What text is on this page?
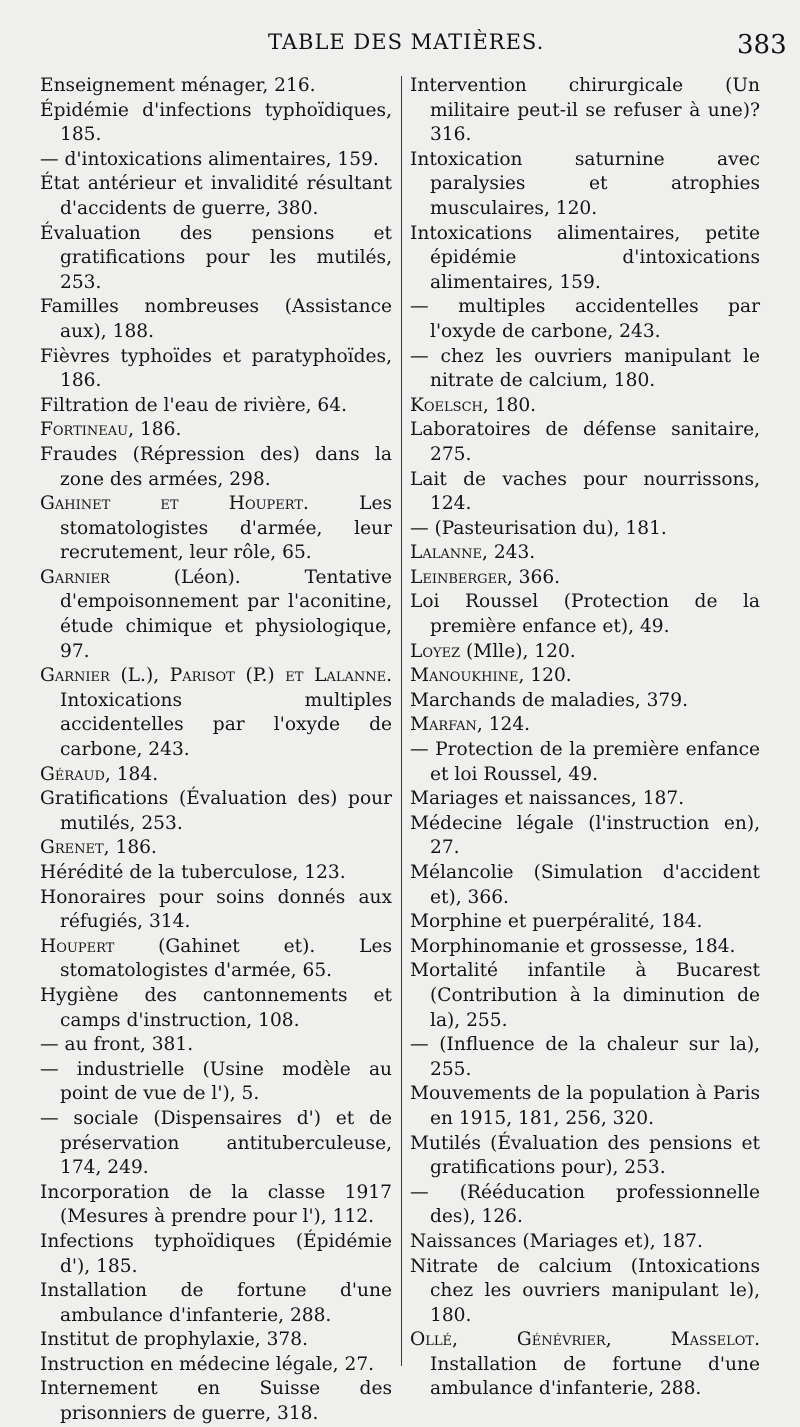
TABLE DES MATIÈRES.	383
Enseignement ménager, 216.
Épidémie d'infections typhoïdiques, 185.
— d'intoxications alimentaires, 159.
État antérieur et invalidité résultant d'accidents de guerre, 380.
Évaluation des pensions et gratifications pour les mutilés, 253.
Familles nombreuses (Assistance aux), 188.
Fièvres typhoïdes et paratyphoïdes, 186.
Filtration de l'eau de rivière, 64.
Fortineau, 186.
Fraudes (Répression des) dans la zone des armées, 298.
Gahinet et Houpert. Les stomatologistes d'armée, leur recrutement, leur rôle, 65.
Garnier (Léon). Tentative d'empoisonnement par l'aconitine, étude chimique et physiologique, 97.
Garnier (L.), Parisot (P.) et Lalanne. Intoxications multiples accidentelles par l'oxyde de carbone, 243.
Géraud, 184.
Gratifications (Évaluation des) pour mutilés, 253.
Grenet, 186.
Hérédité de la tuberculose, 123.
Honoraires pour soins donnés aux réfugiés, 314.
Houpert (Gahinet et). Les stomatologistes d'armée, 65.
Hygiène des cantonnements et camps d'instruction, 108.
— au front, 381.
— industrielle (Usine modèle au point de vue de l'), 5.
— sociale (Dispensaires d') et de préservation antituberculeuse, 174, 249.
Incorporation de la classe 1917 (Mesures à prendre pour l'), 112.
Infections typhoïdiques (Épidémie d'), 185.
Installation de fortune d'une ambulance d'infanterie, 288.
Institut de prophylaxie, 378.
Instruction en médecine légale, 27.
Internement en Suisse des prisonniers de guerre, 318.
Intervention chirurgicale (Un militaire peut-il se refuser à une)? 316.
Intoxication saturnine avec paralysies et atrophies musculaires, 120.
Intoxications alimentaires, petite épidémie d'intoxications alimentaires, 159.
— multiples accidentelles par l'oxyde de carbone, 243.
— chez les ouvriers manipulant le nitrate de calcium, 180.
Koelsch, 180.
Laboratoires de défense sanitaire, 275.
Lait de vaches pour nourrissons, 124.
— (Pasteurisation du), 181.
Lalanne, 243.
Leinberger, 366.
Loi Roussel (Protection de la première enfance et), 49.
Loyez (Mlle), 120.
Manoukhine, 120.
Marchands de maladies, 379.
Marfan, 124.
— Protection de la première enfance et loi Roussel, 49.
Mariages et naissances, 187.
Médecine légale (l'instruction en), 27.
Mélancolie (Simulation d'accident et), 366.
Morphine et puerpéralité, 184.
Morphinomanie et grossesse, 184.
Mortalité infantile à Bucarest (Contribution à la diminution de la), 255.
— (Influence de la chaleur sur la), 255.
Mouvements de la population à Paris en 1915, 181, 256, 320.
Mutilés (Évaluation des pensions et gratifications pour), 253.
— (Rééducation professionnelle des), 126.
Naissances (Mariages et), 187.
Nitrate de calcium (Intoxications chez les ouvriers manipulant le), 180.
Ollé, Génévrier, Masselot. Installation de fortune d'une ambulance d'infanterie, 288.
